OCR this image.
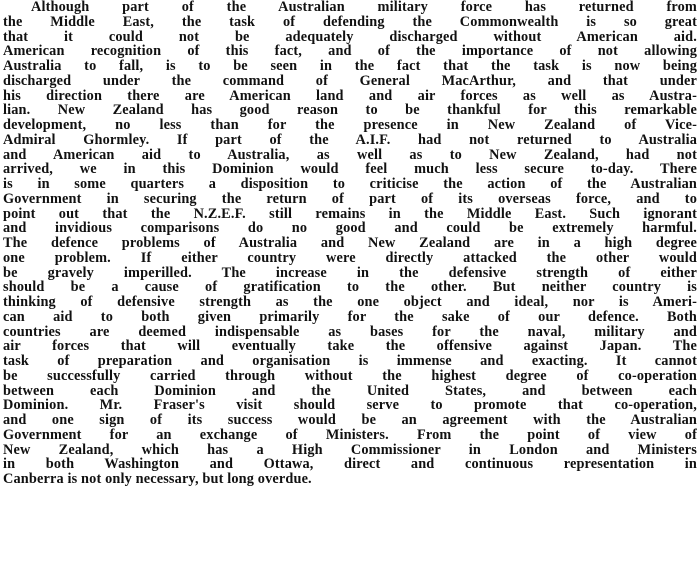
Although part of the Australian military force has returned from
the Middle East, the task of defending the Commonwealth is so great
that it could not be adequately discharged without American aid.
American recognition of this fact, and of the importance of not allowing
Australia to fall, is to be seen in the fact that the task is now being
discharged under the command of General MacArthur, and that under
his direction there are American land and air forces as well as Austra-
lian. New Zealand has good reason to be thankful for this remarkable
development, no less than for the presence in New Zealand of Vice-
Admiral Ghormley. If part of the A.I.F. had not returned to Australia
and American aid to Australia, as well as to New Zealand, had not
arrived, we in this Dominion would feel much less secure to-day. There
is in some quarters a disposition to criticise the action of the Australian
Government in securing the return of part of its overseas force, and to
point out that the N.Z.E.F. still remains in the Middle East. Such ignorant
and invidious comparisons do no good and could be extremely harmful.
The defence problems of Australia and New Zealand are in a high degree
one problem. If either country were directly attacked the other would
be gravely imperilled. The increase in the defensive strength of either
should be a cause of gratification to the other. But neither country is
thinking of defensive strength as the one object and ideal, nor is Ameri-
can aid to both given primarily for the sake of our defence. Both
countries are deemed indispensable as bases for the naval, military and
air forces that will eventually take the offensive against Japan. The
task of preparation and organisation is immense and exacting. It cannot
be successfully carried through without the highest degree of co-operation
between each Dominion and the United States, and between each
Dominion. Mr. Fraser's visit should serve to promote that co-operation,
and one sign of its success would be an agreement with the Australian
Government for an exchange of Ministers. From the point of view of
New Zealand, which has a High Commissioner in London and Ministers
in both Washington and Ottawa, direct and continuous representation in
Canberra is not only necessary, but long overdue.
